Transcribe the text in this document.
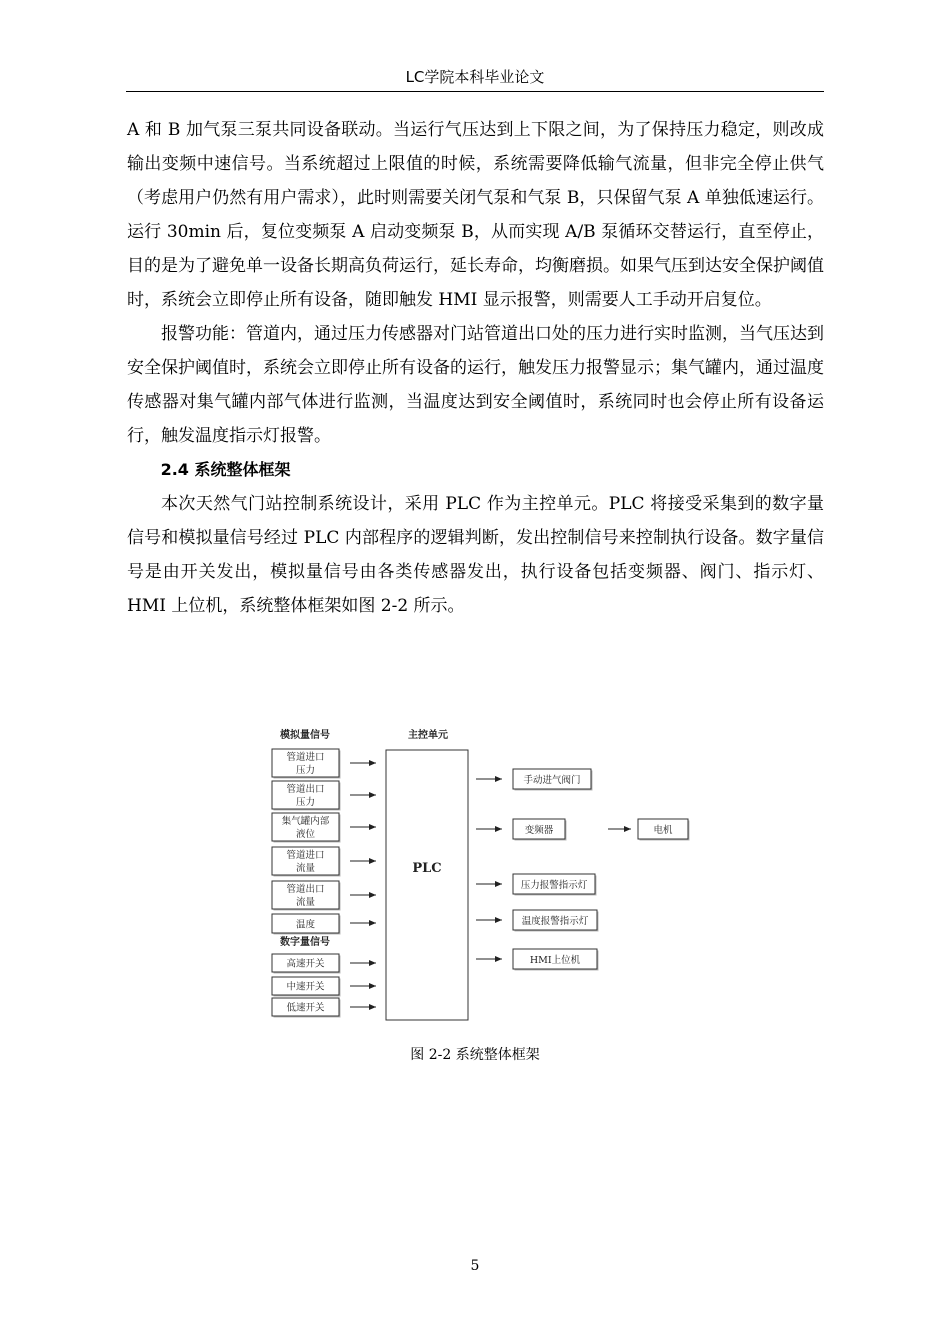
LC学院本科毕业论文

A 和 B 加气泵三泵共同设备联动。当运行气压达到上下限之间，为了保持压力稳定，则改成输出变频中速信号。当系统超过上限值的时候，系统需要降低输气流量，但非完全停止供气（考虑用户仍然有用户需求），此时则需要关闭气泵和气泵 B，只保留气泵 A 单独低速运行。运行 30min 后，复位变频泵 A 启动变频泵 B，从而实现 A/B 泵循环交替运行，直至停止，目的是为了避免单一设备长期高负荷运行，延长寿命，均衡磨损。如果气压到达安全保护阈值时，系统会立即停止所有设备，随即触发 HMI 显示报警，则需要人工手动开启复位。

报警功能：管道内，通过压力传感器对门站管道出口处的压力进行实时监测，当气压达到安全保护阈值时，系统会立即停止所有设备的运行，触发压力报警显示；集气罐内，通过温度传感器对集气罐内部气体进行监测，当温度达到安全阈值时，系统同时也会停止所有设备运行，触发温度指示灯报警。

2.4 系统整体框架

本次天然气门站控制系统设计，采用 PLC 作为主控单元。PLC 将接受采集到的数字量信号和模拟量信号经过 PLC 内部程序的逻辑判断，发出控制信号来控制执行设备。数字量信号是由开关发出，模拟量信号由各类传感器发出，执行设备包括变频器、阀门、指示灯、HMI 上位机，系统整体框架如图 2-2 所示。

模拟量信号	主控单元
数字量信号
PLC
管道进口
压力
管道出口
压力
集气罐内部
液位
管道进口
流量
管道出口
流量
温度
高速开关
中速开关
低速开关
手动进气阀门
变频器
压力报警指示灯
温度报警指示灯
HMI上位机
电机
图 2-2 系统整体框架
5
